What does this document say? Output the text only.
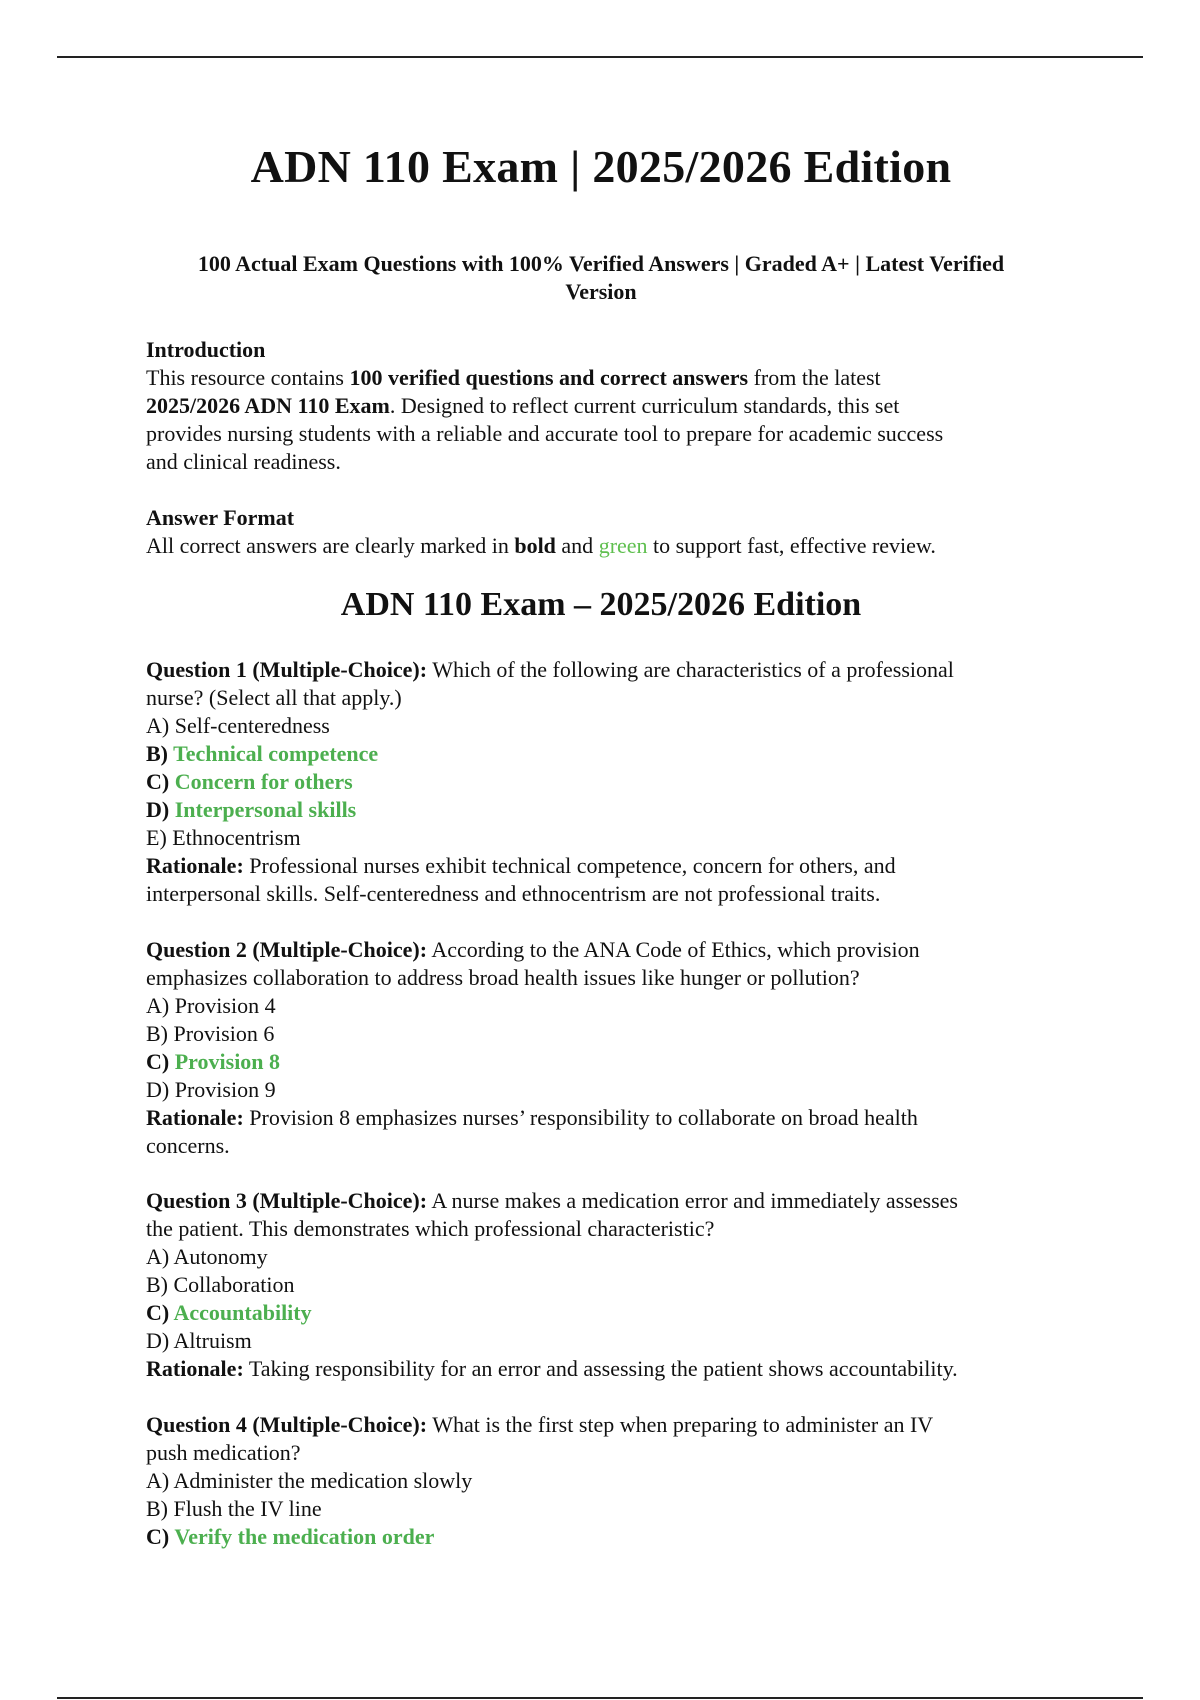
ADN 110 Exam | 2025/2026 Edition
100 Actual Exam Questions with 100% Verified Answers | Graded A+ | Latest Verified
Version

Introduction

This resource contains 100 verified questions and correct answers from the latest

2025/2026 ADN 110 Exam. Designed to reflect current curriculum standards, this set

provides nursing students with a reliable and accurate tool to prepare for academic success

and clinical readiness.

Answer Format

All correct answers are clearly marked in bold and green to support fast, effective review.

ADN 110 Exam – 2025/2026 Edition
Question 1 (Multiple-Choice): Which of the following are characteristics of a professional
nurse? (Select all that apply.)
A) Self-centeredness
B) Technical competence
C) Concern for others
D) Interpersonal skills
E) Ethnocentrism
Rationale: Professional nurses exhibit technical competence, concern for others, and
interpersonal skills. Self-centeredness and ethnocentrism are not professional traits.
Question 2 (Multiple-Choice): According to the ANA Code of Ethics, which provision
emphasizes collaboration to address broad health issues like hunger or pollution?
A) Provision 4
B) Provision 6
C) Provision 8
D) Provision 9
Rationale: Provision 8 emphasizes nurses’ responsibility to collaborate on broad health
concerns.
Question 3 (Multiple-Choice): A nurse makes a medication error and immediately assesses
the patient. This demonstrates which professional characteristic?
A) Autonomy
B) Collaboration
C) Accountability
D) Altruism
Rationale: Taking responsibility for an error and assessing the patient shows accountability.
Question 4 (Multiple-Choice): What is the first step when preparing to administer an IV
push medication?
A) Administer the medication slowly
B) Flush the IV line
C) Verify the medication order
